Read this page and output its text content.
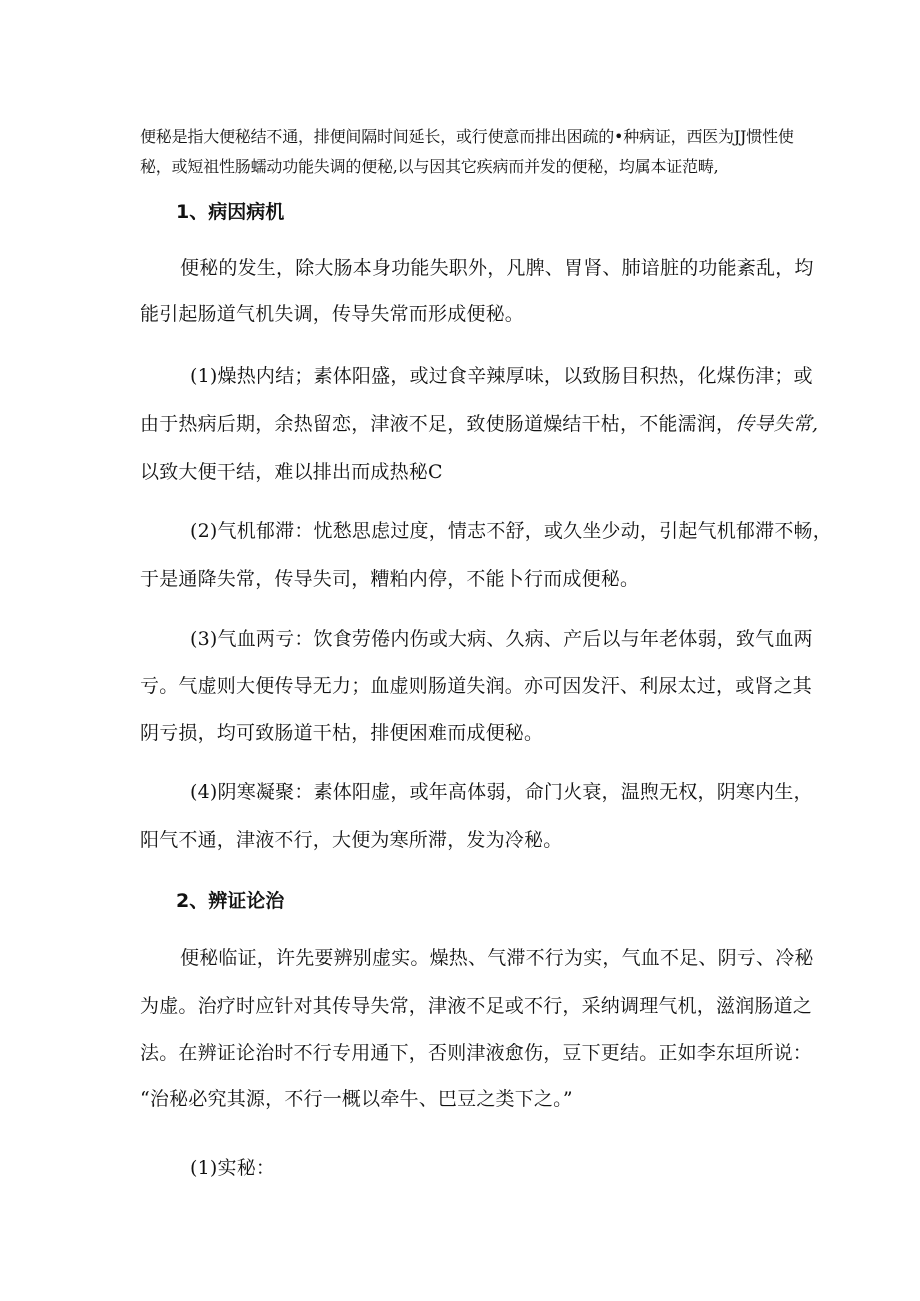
便秘是指大便秘结不通，排便间隔时间延长，或行使意而排出困疏的•种病证，西医为JJ惯性使

秘，或短祖性肠蠕动功能失调的便秘,以与因其它疾病而并发的便秘，均属本证范畴,

1、病因病机

便秘的发生，除大肠本身功能失职外，凡脾、胃肾、肺谙脏的功能紊乱，均

能引起肠道气机失调，传导失常而形成便秘。

(1)燥热内结；素体阳盛，或过食辛辣厚味，以致肠目积热，化煤伤津；或

由于热病后期，余热留恋，津液不足，致使肠道燥结干枯，不能濡润，传导失常,

以致大便干结，难以排出而成热秘C

(2)气机郁滞：忧愁思虑过度，情志不舒，或久坐少动，引起气机郁滞不畅，

于是通降失常，传导失司，糟粕内停，不能卜行而成便秘。

(3)气血两亏：饮食劳倦内伤或大病、久病、产后以与年老体弱，致气血两

亏。气虚则大便传导无力；血虚则肠道失润。亦可因发汗、利尿太过，或肾之其

阴亏损，均可致肠道干枯，排便困难而成便秘。

(4)阴寒凝聚：素体阳虚，或年高体弱，命门火衰，温煦无权，阴寒内生，

阳气不通，津液不行，大便为寒所滞，发为冷秘。

2、辨证论治

便秘临证，许先要辨别虚实。燥热、气滞不行为实，气血不足、阴亏、冷秘

为虚。治疗时应针对其传导失常，津液不足或不行，采纳调理气机，滋润肠道之

法。在辨证论治时不行专用通下，否则津液愈伤，豆下更结。正如李东垣所说：

“治秘必究其源，不行一概以牵牛、巴豆之类下之。”

(1)实秘：
